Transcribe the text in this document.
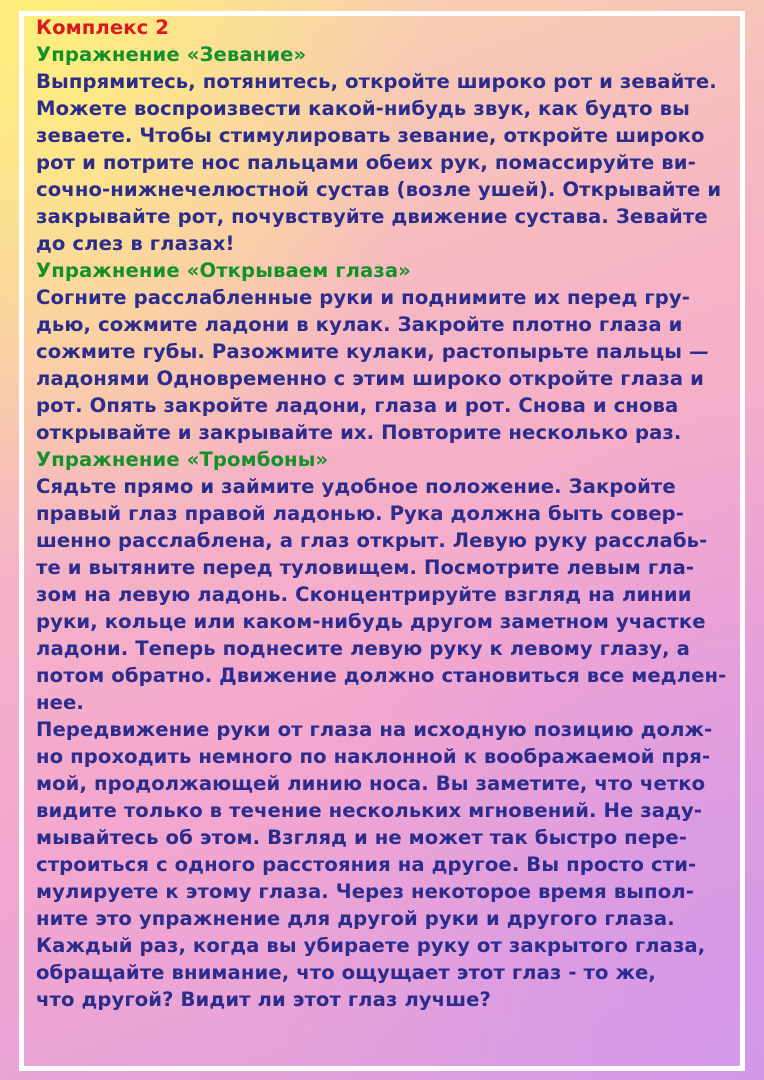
Комплекс 2
Упражнение «Зевание»
Выпрямитесь, потянитесь, откройте широко рот и зевайте.
Можете воспроизвести какой-нибудь звук, как будто вы
зеваете. Чтобы стимулировать зевание, откройте широко
рот и потрите нос пальцами обеих рук, помассируйте ви-
сочно-нижнечелюстной сустав (возле ушей). Открывайте и
закрывайте рот, почувствуйте движение сустава. Зевайте
до слез в глазах!
Упражнение «Открываем глаза»
Согните расслабленные руки и поднимите их перед гру-
дью, сожмите ладони в кулак. Закройте плотно глаза и
сожмите губы. Разожмите кулаки, растопырьте пальцы —
ладонями Одновременно с этим широко откройте глаза и
рот. Опять закройте ладони, глаза и рот. Снова и снова
открывайте и закрывайте их. Повторите несколько раз.
Упражнение «Тромбоны»
Сядьте прямо и займите удобное положение. Закройте
правый глаз правой ладонью. Рука должна быть совер-
шенно расслаблена, а глаз открыт. Левую руку расслабь-
те и вытяните перед туловищем. Посмотрите левым гла-
зом на левую ладонь. Сконцентрируйте взгляд на линии
руки, кольце или каком-нибудь другом заметном участке
ладони. Теперь поднесите левую руку к левому глазу, а
потом обратно. Движение должно становиться все медлен-
нее.
Передвижение руки от глаза на исходную позицию долж-
но проходить немного по наклонной к воображаемой пря-
мой, продолжающей линию носа. Вы заметите, что четко
видите только в течение нескольких мгновений. Не заду-
мывайтесь об этом. Взгляд и не может так быстро пере-
строиться с одного расстояния на другое. Вы просто сти-
мулируете к этому глаза. Через некоторое время выпол-
ните это упражнение для другой руки и другого глаза.
Каждый раз, когда вы убираете руку от закрытого глаза,
обращайте внимание, что ощущает этот глаз - то же,
что другой? Видит ли этот глаз лучше?
